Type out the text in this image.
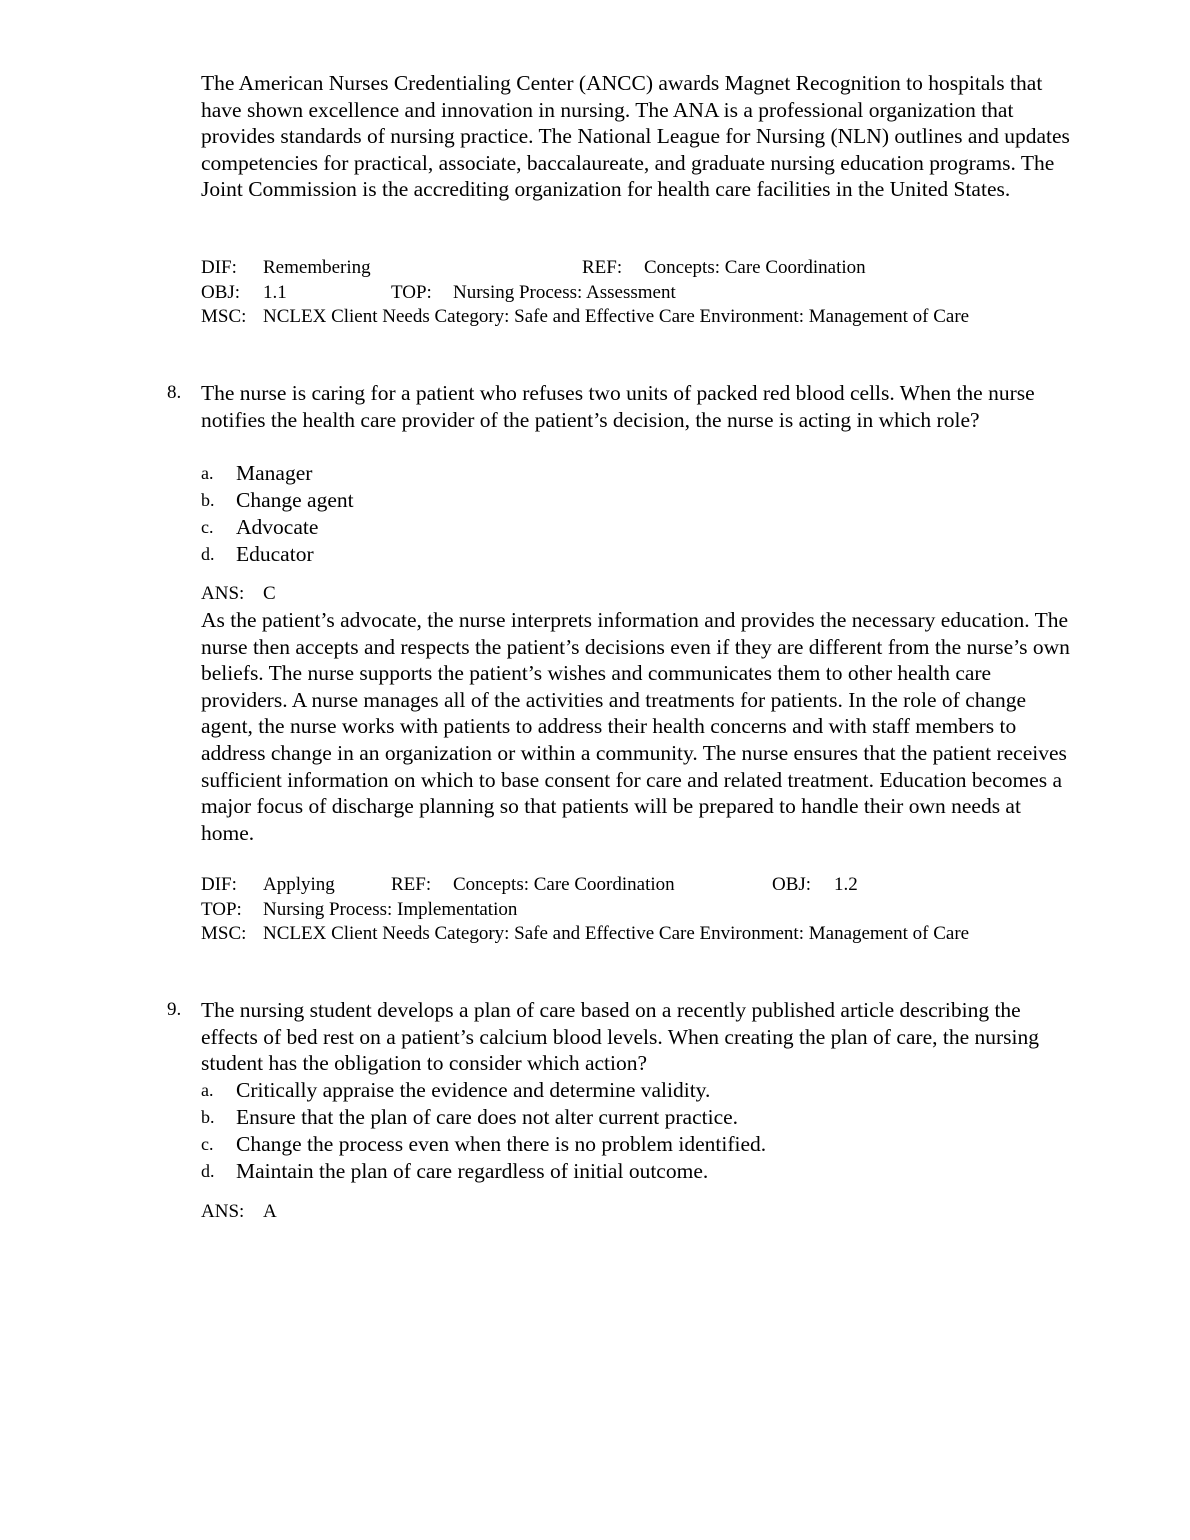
The American Nurses Credentialing Center (ANCC) awards Magnet Recognition to hospitals that have shown excellence and innovation in nursing. The ANA is a professional organization that provides standards of nursing practice. The National League for Nursing (NLN) outlines and updates competencies for practical, associate, baccalaureate, and graduate nursing education programs. The Joint Commission is the accrediting organization for health care facilities in the United States.

DIF: Remembering	REF: Concepts: Care Coordination
OBJ: 1.1	TOP: Nursing Process: Assessment
MSC: NCLEX Client Needs Category: Safe and Effective Care Environment: Management of Care
8. The nurse is caring for a patient who refuses two units of packed red blood cells. When the nurse notifies the health care provider of the patient’s decision, the nurse is acting in which role?

a. Manager
b. Change agent
c. Advocate
d. Educator
ANS: C

As the patient’s advocate, the nurse interprets information and provides the necessary education. The nurse then accepts and respects the patient’s decisions even if they are different from the nurse’s own beliefs. The nurse supports the patient’s wishes and communicates them to other health care providers. A nurse manages all of the activities and treatments for patients. In the role of change agent, the nurse works with patients to address their health concerns and with staff members to address change in an organization or within a community. The nurse ensures that the patient receives sufficient information on which to base consent for care and related treatment. Education becomes a major focus of discharge planning so that patients will be prepared to handle their own needs at home.

DIF: Applying	REF: Concepts: Care Coordination	OBJ: 1.2
TOP: Nursing Process: Implementation
MSC: NCLEX Client Needs Category: Safe and Effective Care Environment: Management of Care
9. The nursing student develops a plan of care based on a recently published article describing the effects of bed rest on a patient’s calcium blood levels. When creating the plan of care, the nursing student has the obligation to consider which action?

a. Critically appraise the evidence and determine validity.
b. Ensure that the plan of care does not alter current practice.
c. Change the process even when there is no problem identified.
d. Maintain the plan of care regardless of initial outcome.
ANS: A
